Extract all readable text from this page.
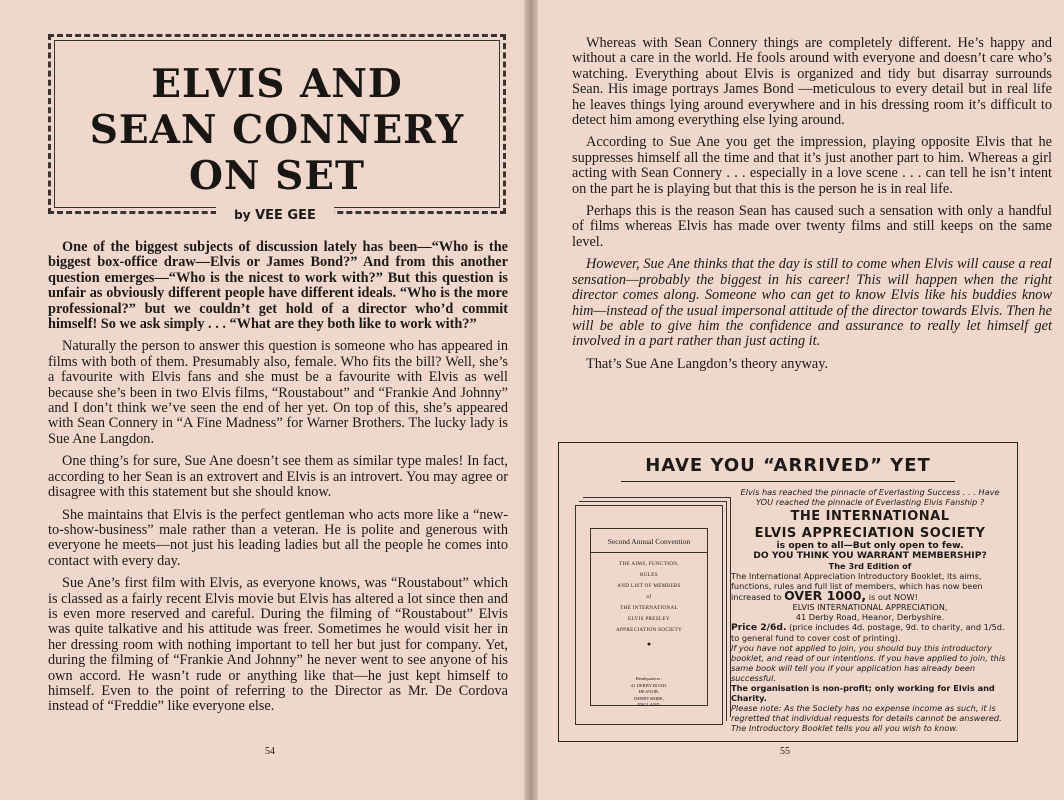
ELVIS AND
SEAN CONNERY
ON SET
by VEE GEE

One of the biggest subjects of discussion lately has been—“Who is the biggest box-office draw—Elvis or James Bond?” And from this another question emerges—“Who is the nicest to work with?” But this question is unfair as obviously different people have different ideals. “Who is the more professional?” but we couldn’t get hold of a director who’d commit himself! So we ask simply . . . “What are they both like to work with?”

Naturally the person to answer this question is someone who has appeared in films with both of them. Presumably also, female. Who fits the bill? Well, she’s a favourite with Elvis fans and she must be a favourite with Elvis as well because she’s been in two Elvis films, “Roustabout” and “Frankie And Johnny” and I don’t think we’ve seen the end of her yet. On top of this, she’s appeared with Sean Connery in “A Fine Madness” for Warner Brothers. The lucky lady is Sue Ane Langdon.

One thing’s for sure, Sue Ane doesn’t see them as similar type males! In fact, according to her Sean is an extrovert and Elvis is an introvert. You may agree or disagree with this statement but she should know.

She maintains that Elvis is the perfect gentleman who acts more like a “new-to-show-business” male rather than a veteran. He is polite and generous with everyone he meets—not just his leading ladies but all the people he comes into contact with every day.

Sue Ane’s first film with Elvis, as everyone knows, was “Roustabout” which is classed as a fairly recent Elvis movie but Elvis has altered a lot since then and is even more reserved and careful. During the filming of “Roustabout” Elvis was quite talkative and his attitude was freer. Sometimes he would visit her in her dressing room with nothing important to tell her but just for company. Yet, during the filming of “Frankie And Johnny” he never went to see anyone of his own accord. He wasn’t rude or anything like that—he just kept himself to himself. Even to the point of referring to the Director as Mr. De Cordova instead of “Freddie” like everyone else.

54

Whereas with Sean Connery things are completely different. He’s happy and without a care in the world. He fools around with everyone and doesn’t care who’s watching. Everything about Elvis is organized and tidy but disarray surrounds Sean. His image portrays James Bond —meticulous to every detail but in real life he leaves things lying around everywhere and in his dressing room it’s difficult to detect him among everything else lying around.

According to Sue Ane you get the impression, playing opposite Elvis that he suppresses himself all the time and that it’s just another part to him. Whereas a girl acting with Sean Connery . . . especially in a love scene . . . can tell he isn’t intent on the part he is playing but that this is the person he is in real life.

Perhaps this is the reason Sean has caused such a sensation with only a handful of films whereas Elvis has made over twenty films and still keeps on the same level.

However, Sue Ane thinks that the day is still to come when Elvis will cause a real sensation—probably the biggest in his career! This will happen when the right director comes along. Someone who can get to know Elvis like his buddies know him—instead of the usual impersonal attitude of the director towards Elvis. Then he will be able to give him the confidence and assurance to really let himself get involved in a part rather than just acting it.

That’s Sue Ane Langdon’s theory anyway.

HAVE YOU “ARRIVED” YET
Second Annual Convention
THE AIMS, FUNCTION,
RULES
AND LIST OF MEMBERS
of
THE INTERNATIONAL
ELVIS PRESLEY
APPRECIATION SOCIETY
●
Headquarters :
41 DERBY ROAD,
HEANOR,
DERBYSHIRE,
ENGLAND.
Elvis has reached the pinnacle of Everlasting Success . . . Have YOU reached the pinnacle of Everlasting Elvis Fanship ?
THE INTERNATIONAL
ELVIS APPRECIATION SOCIETY
is open to all—But only open to few.
DO YOU THINK YOU WARRANT MEMBERSHIP?
The 3rd Edition of
The International Appreciation Introductory Booklet, its aims, functions, rules and full list of members, which has now been increased to OVER 1000, is out NOW!
ELVIS INTERNATIONAL APPRECIATION,
41 Derby Road, Heanor, Derbyshire.
Price 2/6d. (price includes 4d. postage, 9d. to charity, and 1/5d. to general fund to cover cost of printing).
If you have not applied to join, you should buy this introductory booklet, and read of our intentions. If you have applied to join, this same book will tell you if your application has already been successful.
The organisation is non-profit; only working for Elvis and Charity.
Please note: As the Society has no expense income as such, it is regretted that individual requests for details cannot be answered. The Introductory Booklet tells you all you wish to know.
55
